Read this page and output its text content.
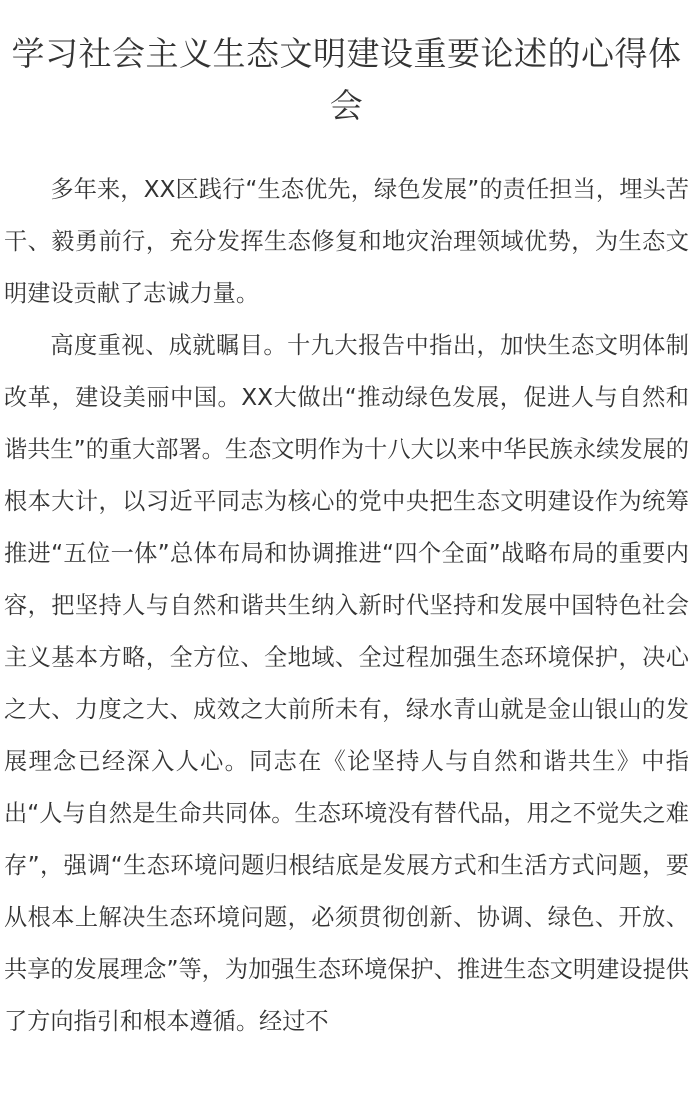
学习社会主义生态文明建设重要论述的心得体会

多年来，XX区践行“生态优先，绿色发展”的责任担当，埋头苦干、毅勇前行，充分发挥生态修复和地灾治理领域优势，为生态文明建设贡献了志诚力量。

高度重视、成就瞩目。十九大报告中指出，加快生态文明体制改革，建设美丽中国。XX大做出“推动绿色发展，促进人与自然和谐共生”的重大部署。生态文明作为十八大以来中华民族永续发展的根本大计，以习近平同志为核心的党中央把生态文明建设作为统筹推进“五位一体”总体布局和协调推进“四个全面”战略布局的重要内容，把坚持人与自然和谐共生纳入新时代坚持和发展中国特色社会主义基本方略，全方位、全地域、全过程加强生态环境保护，决心之大、力度之大、成效之大前所未有，绿水青山就是金山银山的发展理念已经深入人心。同志在《论坚持人与自然和谐共生》中指出“人与自然是生命共同体。生态环境没有替代品，用之不觉失之难存”，强调“生态环境问题归根结底是发展方式和生活方式问题，要从根本上解决生态环境问题，必须贯彻创新、协调、绿色、开放、共享的发展理念”等，为加强生态环境保护、推进生态文明建设提供了方向指引和根本遵循。经过不
